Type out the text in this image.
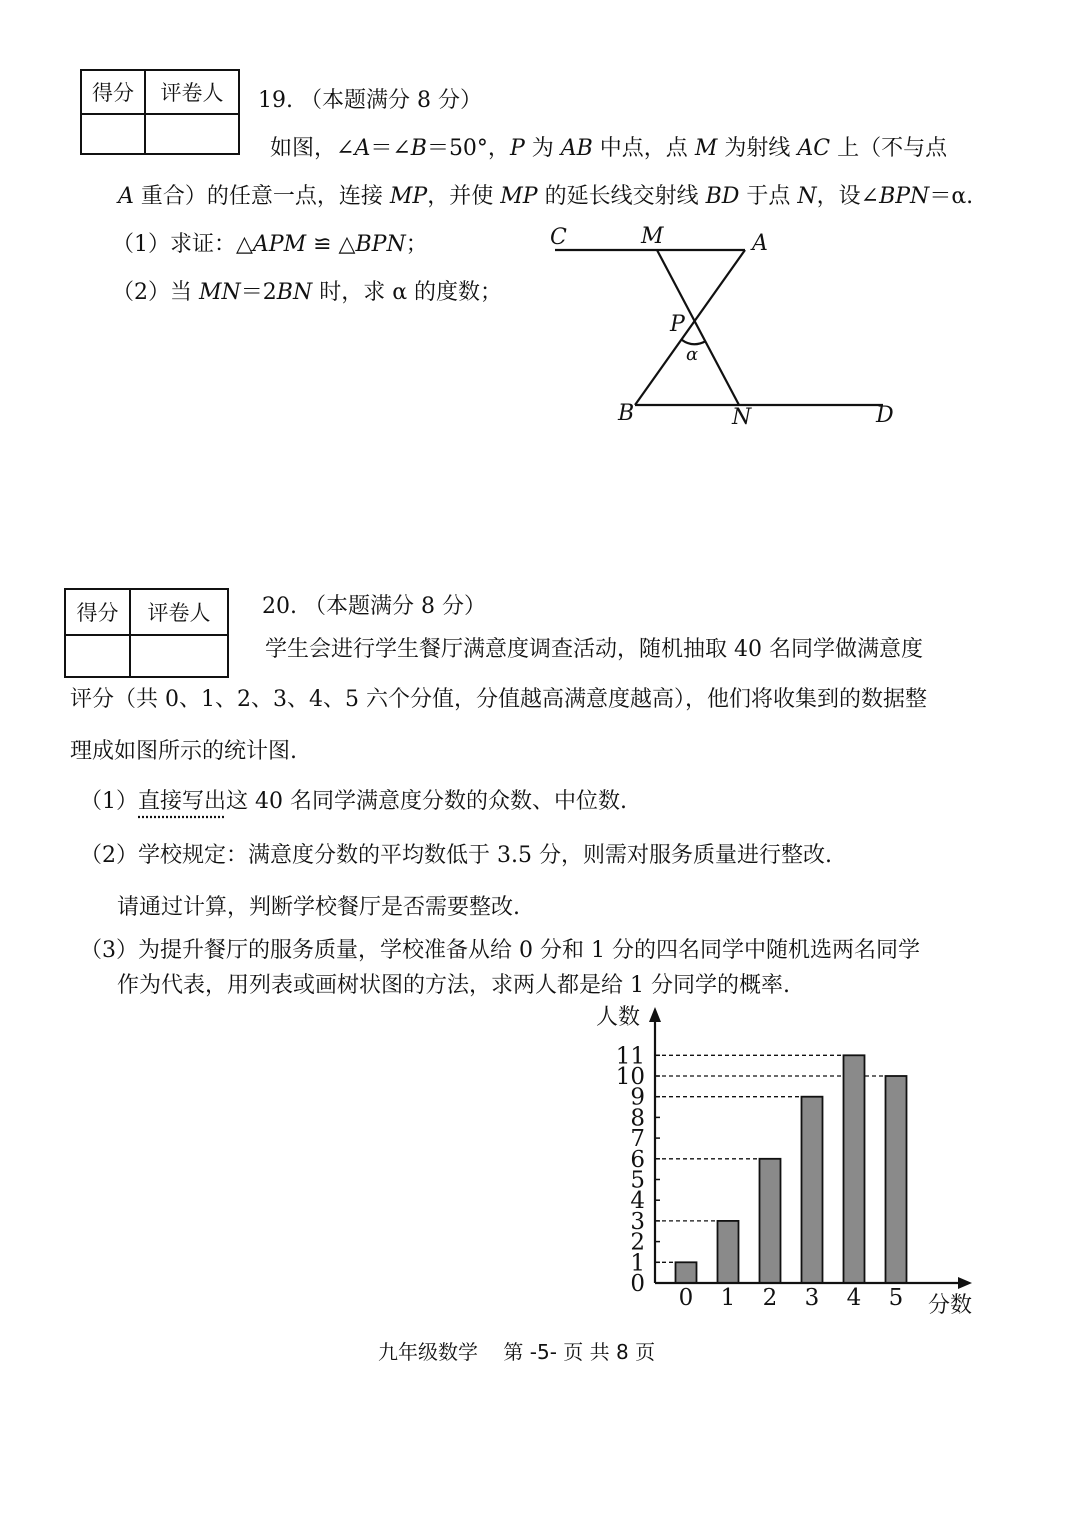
得分	评卷人
	19. （本题满分 8 分）
如图，∠A＝∠B＝50°，P 为 AB 中点，点 M 为射线 AC 上（不与点
A 重合）的任意一点，连接 MP，并使 MP 的延长线交射线 BD 于点 N，设∠BPN＝α.
（1）求证：△APM ≌ △BPN；
（2）当 MN＝2BN 时，求 α 的度数；
C	M	A
P
α
B	N	D
得分	评卷人
	20. （本题满分 8 分）
学生会进行学生餐厅满意度调查活动，随机抽取 40 名同学做满意度
评分（共 0、1、2、3、4、5 六个分值，分值越高满意度越高），他们将收集到的数据整
理成如图所示的统计图.
（1）直接写出这 40 名同学满意度分数的众数、中位数.
（2）学校规定：满意度分数的平均数低于 3.5 分，则需对服务质量进行整改.
请通过计算，判断学校餐厅是否需要整改.
（3）为提升餐厅的服务质量，学校准备从给 0 分和 1 分的四名同学中随机选两名同学
作为代表，用列表或画树状图的方法，求两人都是给 1 分同学的概率.
0
1
2
3
4
5
6
7
8
9
10
11
0 1 2 3 4 5
人数
分数
九年级数学    第 -5- 页 共 8 页
